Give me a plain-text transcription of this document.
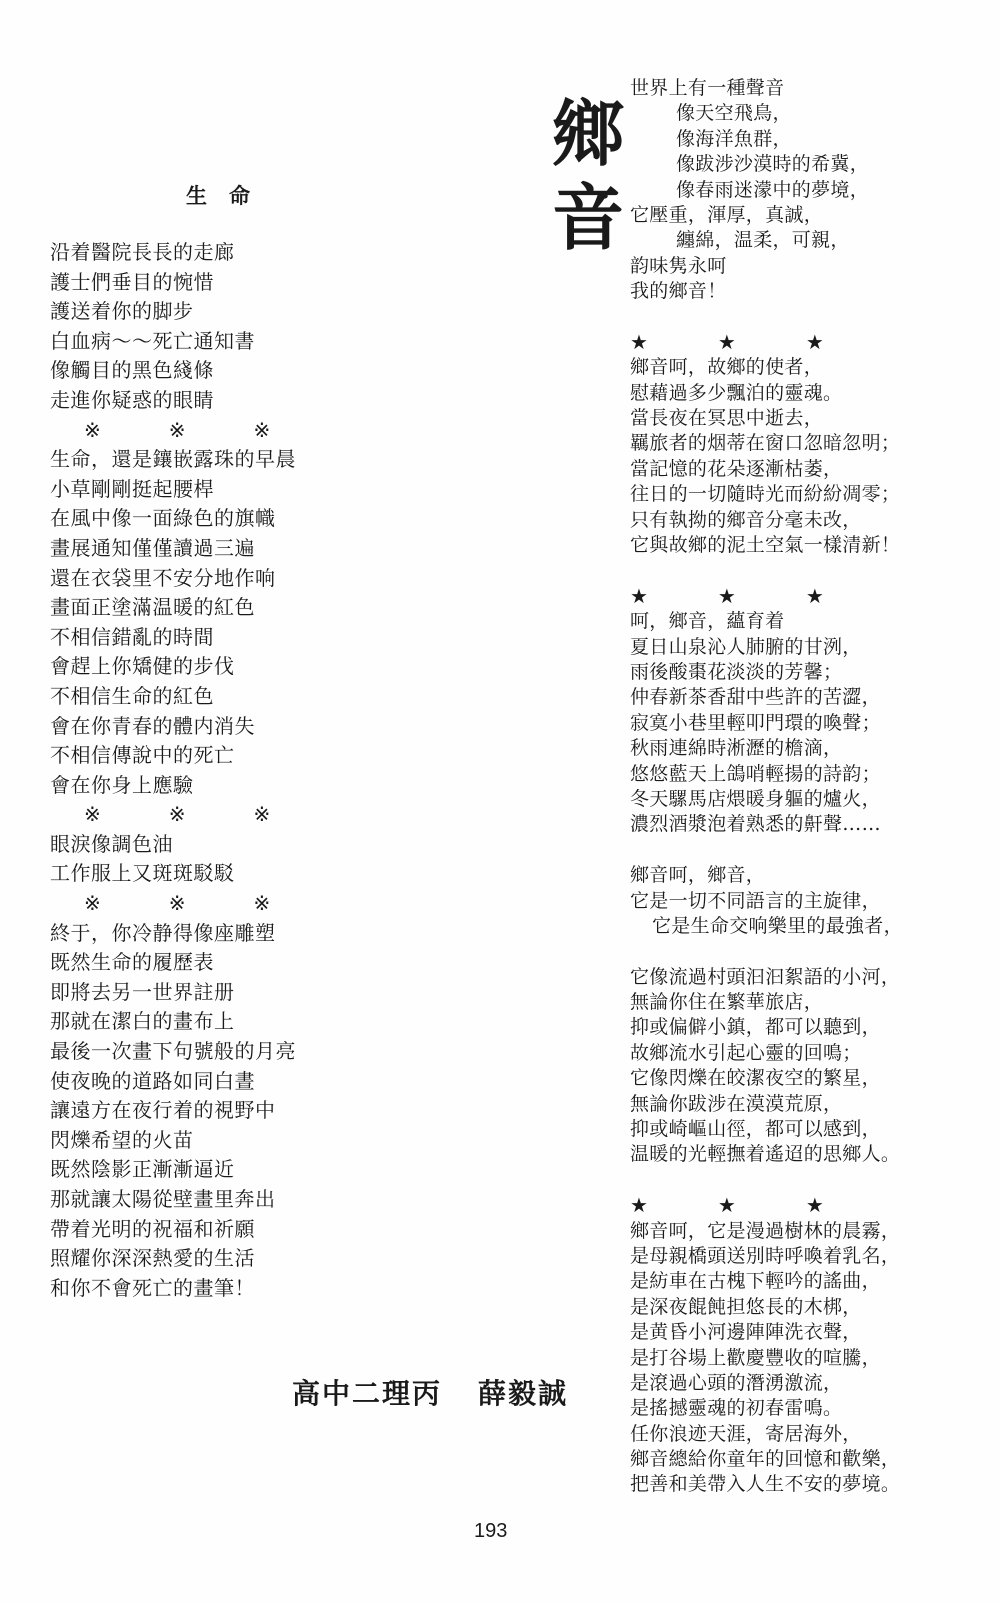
生命
沿着醫院長長的走廊
護士們垂目的惋惜
護送着你的脚步
白血病～～死亡通知書
像觸目的黑色綫條
走進你疑惑的眼睛
※※※
生命，還是鑲嵌露珠的早晨
小草剛剛挺起腰桿
在風中像一面綠色的旗幟
畫展通知僅僅讀過三遍
還在衣袋里不安分地作响
畫面正塗滿温暖的紅色
不相信錯亂的時間
會趕上你矯健的步伐
不相信生命的紅色
會在你青春的體内消失
不相信傳說中的死亡
會在你身上應驗
※※※
眼淚像調色油
工作服上又斑斑駁駁
※※※
終于，你冷静得像座雕塑
既然生命的履歷表
即將去另一世界註册
那就在潔白的畫布上
最後一次畫下句號般的月亮
使夜晚的道路如同白晝
讓遠方在夜行着的視野中
閃爍希望的火苗
既然陰影正漸漸逼近
那就讓太陽從壁畫里奔出
帶着光明的祝福和祈願
照耀你深深熱愛的生活
和你不會死亡的畫筆！
鄉
音
世界上有一種聲音
像天空飛鳥，
像海洋魚群，
像跋涉沙漠時的希冀，
像春雨迷濛中的夢境，
它壓重，渾厚，真誠，
纏綿，温柔，可親，
韵味隽永呵
我的鄉音！
★★★
鄉音呵，故鄉的使者，
慰藉過多少飄泊的靈魂。
當長夜在冥思中逝去，
羈旅者的烟蒂在窗口忽暗忽明；
當記憶的花朵逐漸枯萎，
往日的一切隨時光而紛紛凋零；
只有執拗的鄉音分毫未改，
它與故鄉的泥土空氣一樣清新！
★★★
呵，鄉音，蘊育着
夏日山泉沁人肺腑的甘洌，
雨後酸棗花淡淡的芳馨；
仲春新茶香甜中些許的苦澀，
寂寞小巷里輕叩門環的喚聲；
秋雨連綿時淅瀝的檐滴，
悠悠藍天上鴿哨輕揚的詩韵；
冬天騾馬店煨暖身軀的爐火，
濃烈酒漿泡着熟悉的鼾聲……
鄉音呵，鄉音，
它是一切不同語言的主旋律，
它是生命交响樂里的最強者，
它像流過村頭汩汩絮語的小河，
無論你住在繁華旅店，
抑或偏僻小鎮，都可以聽到，
故鄉流水引起心靈的回鳴；
它像閃爍在皎潔夜空的繁星，
無論你跋涉在漠漠荒原，
抑或崎嶇山徑，都可以感到，
温暖的光輕撫着遙迢的思鄉人。
★★★
鄉音呵，它是漫過樹林的晨霧，
是母親橋頭送別時呼喚着乳名，
是紡車在古槐下輕吟的謠曲，
是深夜餛飩担悠長的木梆，
是黄昏小河邊陣陣洗衣聲，
是打谷場上歡慶豐收的喧騰，
是滾過心頭的潛湧激流，
是搖撼靈魂的初春雷鳴。
任你浪迹天涯，寄居海外，
鄉音總給你童年的回憶和歡樂，
把善和美帶入人生不安的夢境。
高中二理丙 薛毅誠
193
